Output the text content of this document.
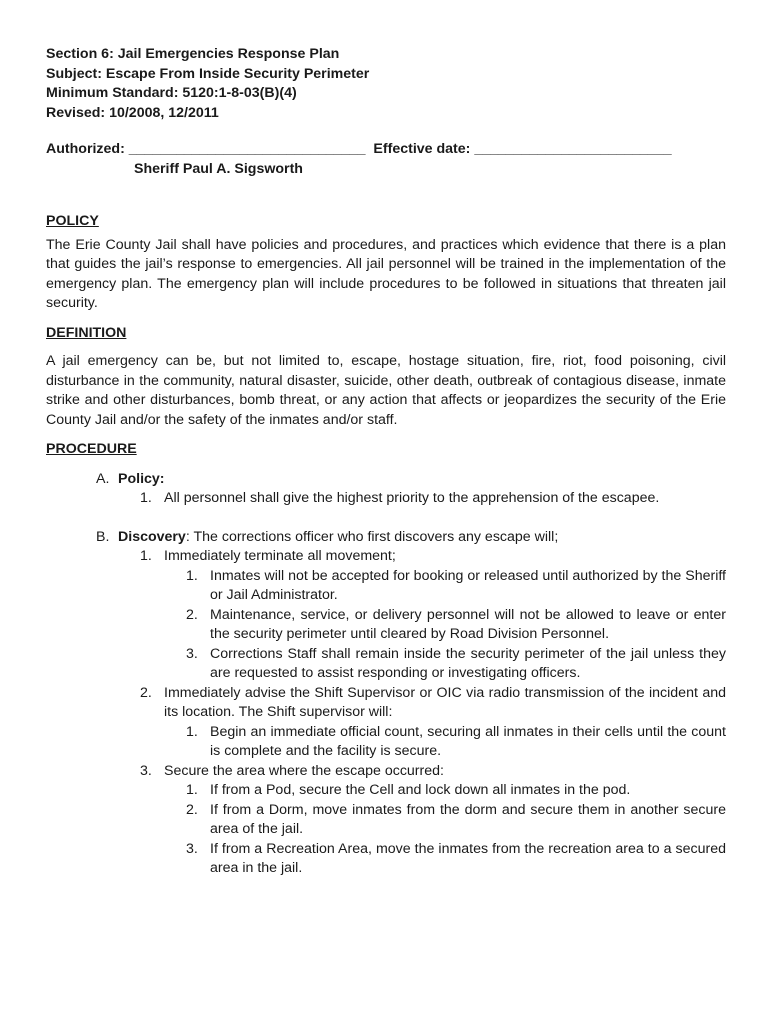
Section 6: Jail Emergencies Response Plan
Subject: Escape From Inside Security Perimeter
Minimum Standard: 5120:1-8-03(B)(4)
Revised: 10/2008, 12/2011
Authorized: ______________________________ Effective date: _________________________
Sheriff Paul A. Sigsworth
POLICY
The Erie County Jail shall have policies and procedures, and practices which evidence that there is a plan that guides the jail’s response to emergencies. All jail personnel will be trained in the implementation of the emergency plan. The emergency plan will include procedures to be followed in situations that threaten jail security.
DEFINITION
A jail emergency can be, but not limited to, escape, hostage situation, fire, riot, food poisoning, civil disturbance in the community, natural disaster, suicide, other death, outbreak of contagious disease, inmate strike and other disturbances, bomb threat, or any action that affects or jeopardizes the security of the Erie County Jail and/or the safety of the inmates and/or staff.
PROCEDURE
A. Policy:
1. All personnel shall give the highest priority to the apprehension of the escapee.
B. Discovery: The corrections officer who first discovers any escape will;
1. Immediately terminate all movement;
1. Inmates will not be accepted for booking or released until authorized by the Sheriff or Jail Administrator.
2. Maintenance, service, or delivery personnel will not be allowed to leave or enter the security perimeter until cleared by Road Division Personnel.
3. Corrections Staff shall remain inside the security perimeter of the jail unless they are requested to assist responding or investigating officers.
2. Immediately advise the Shift Supervisor or OIC via radio transmission of the incident and its location. The Shift supervisor will:
1. Begin an immediate official count, securing all inmates in their cells until the count is complete and the facility is secure.
3. Secure the area where the escape occurred:
1. If from a Pod, secure the Cell and lock down all inmates in the pod.
2. If from a Dorm, move inmates from the dorm and secure them in another secure area of the jail.
3. If from a Recreation Area, move the inmates from the recreation area to a secured area in the jail.
